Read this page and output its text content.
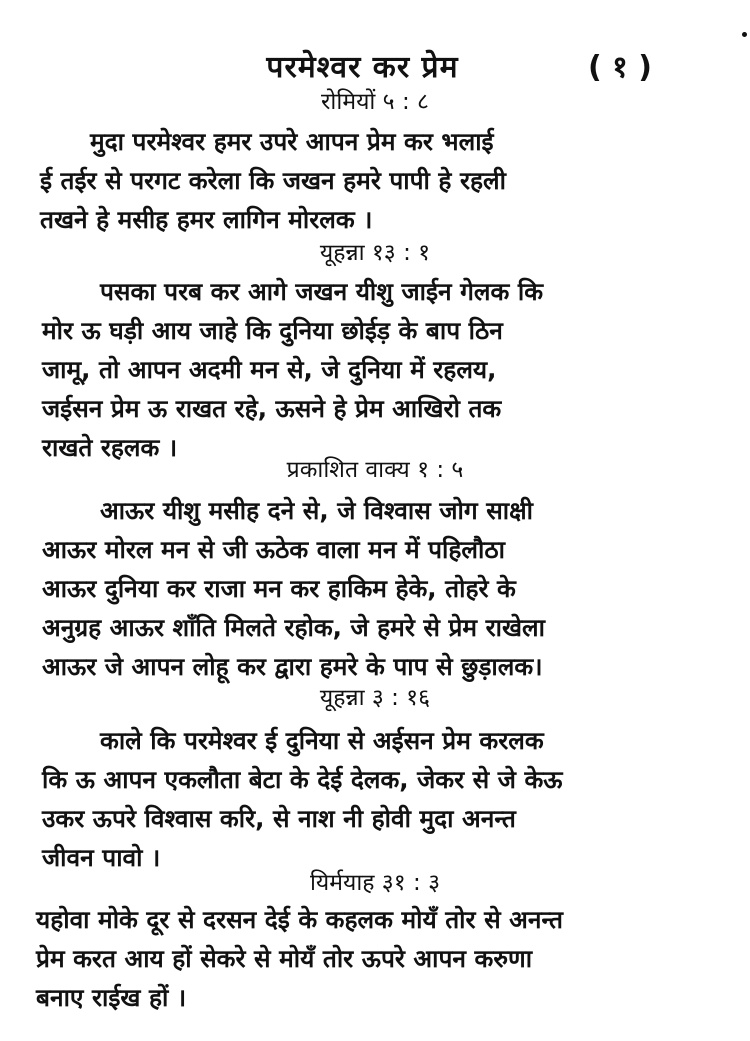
परमेश्वर कर प्रेम	( १ )
रोमियों ५ : ८
मुदा परमेश्वर हमर उपरे आपन प्रेम कर भलाई
ई तईर से परगट करेला कि जखन हमरे पापी हे रहली
तखने हे मसीह हमर लागिन मोरलक ।
यूहन्ना १३ : १
पसका परब कर आगे जखन यीशु जाईन गेलक कि
मोर ऊ घड़ी आय जाहे कि दुनिया छोईड़ के बाप ठिन
जामू, तो आपन अदमी मन से, जे दुनिया में रहलय,
जईसन प्रेम ऊ राखत रहे, ऊसने हे प्रेम आखिरो तक
राखते रहलक ।
प्रकाशित वाक्य १ : ५
आऊर यीशु मसीह दने से, जे विश्वास जोग साक्षी
आऊर मोरल मन से जी ऊठेक वाला मन में पहिलौठा
आऊर दुनिया कर राजा मन कर हाकिम हेके, तोहरे के
अनुग्रह आऊर शाँति मिलते रहोक, जे हमरे से प्रेम राखेला
आऊर जे आपन लोहू कर द्वारा हमरे के पाप से छुड़ालक।
यूहन्ना ३ : १६
काले कि परमेश्वर ई दुनिया से अईसन प्रेम करलक
कि ऊ आपन एकलौता बेटा के देई देलक, जेकर से जे केऊ
उकर ऊपरे विश्वास करि, से नाश नी होवी मुदा अनन्त
जीवन पावो ।
यिर्मयाह ३१ : ३
यहोवा मोके दूर से दरसन देई के कहलक मोयँ तोर से अनन्त
प्रेम करत आय हों सेकरे से मोयँ तोर ऊपरे आपन करुणा
बनाए राईख हों ।
